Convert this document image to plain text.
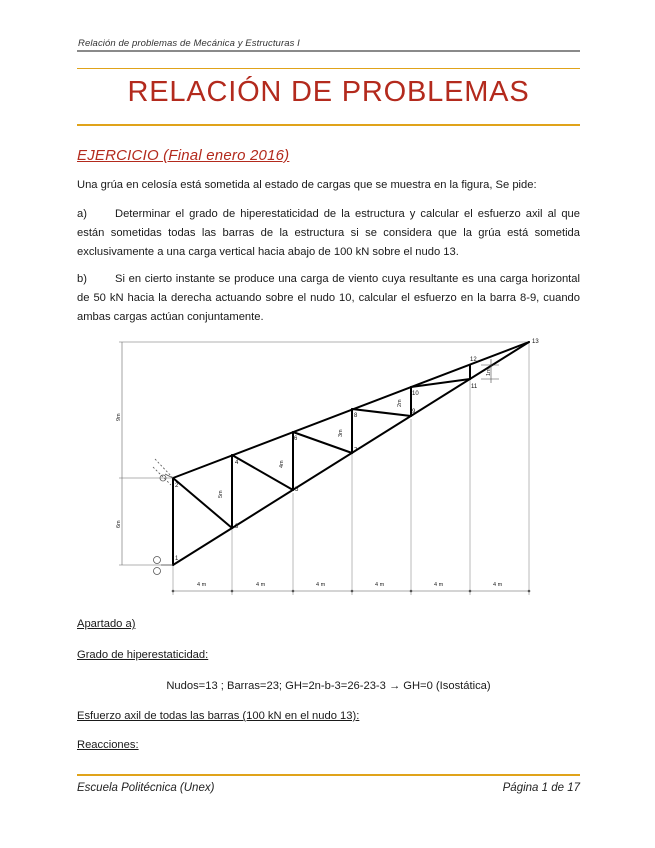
Relación de problemas de Mecánica y Estructuras I
RELACIÓN DE PROBLEMAS
EJERCICIO (Final enero 2016)
Una grúa en celosía está sometida al estado de cargas que se muestra en la figura, Se pide:
a)	Determinar el grado de hiperestaticidad de la estructura y calcular el esfuerzo axil al que están sometidas todas las barras de la estructura si se considera que la grúa está sometida exclusivamente a una carga vertical hacia abajo de 100 kN sobre el nudo 13.
b)	Si en cierto instante se produce una carga de viento cuya resultante es una carga horizontal de 50 kN hacia la derecha actuando sobre el nudo 10, calcular el esfuerzo en la barra 8-9, cuando ambas cargas actúan conjuntamente.
1
2
3
4
5
6
7
8
9
10
11
12
13
9m
6m
5m
4m
3m
2m
1m
4 m	4 m	4 m	4 m	4 m	4 m
Apartado a)
Grado de hiperestaticidad:
Nudos=13 ; Barras=23; GH=2n-b-3=26-23-3 → GH=0 (Isostática)
Esfuerzo axil de todas las barras (100 kN en el nudo 13):
Reacciones:
Escuela Politécnica (Unex)	Página 1 de 17
